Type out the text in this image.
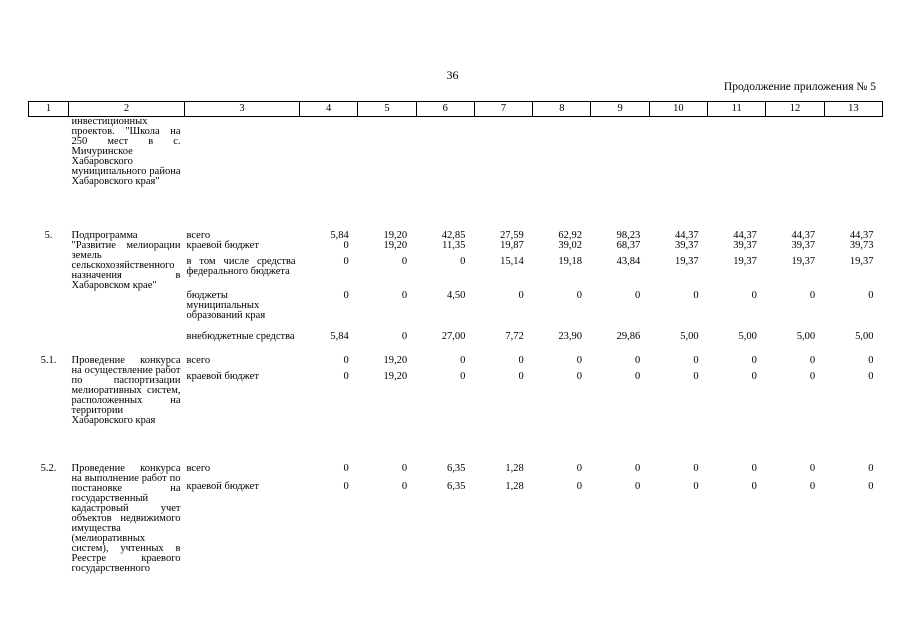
36
Продолжение приложения № 5
1	2	3	4	5	6	7	8	9	10	11	12	13
	инвестиционных проектов. "Школа на 250 мест в с. Мичуринское Хабаровского муниципального района Хабаровского края"											
5.	Подпрограмма "Развитие мелиорации земель сельскохозяйственного назначения в Хабаровском крае"	всего	5,84	19,20	42,85	27,59	62,92	98,23	44,37	44,37	44,37	44,37
		краевой бюджет	0	19,20	11,35	19,87	39,02	68,37	39,37	39,37	39,37	39,73
		в том числе средства федерального бюджета	0	0	0	15,14	19,18	43,84	19,37	19,37	19,37	19,37
		бюджеты муниципальных образований края	0	0	4,50	0	0	0	0	0	0	0
		внебюджетные средства	5,84	0	27,00	7,72	23,90	29,86	5,00	5,00	5,00	5,00
5.1.	Проведение конкурса на осуществление работ по паспортизации мелиоративных систем, расположенных на территории Хабаровского края	всего	0	19,20	0	0	0	0	0	0	0	0
		краевой бюджет	0	19,20	0	0	0	0	0	0	0	0
5.2.	Проведение конкурса на выполнение работ по постановке на государственный кадастровый учет объектов недвижимого имущества (мелиоративных систем), учтенных в Реестре краевого государственного	всего	0	0	6,35	1,28	0	0	0	0	0	0
		краевой бюджет	0	0	6,35	1,28	0	0	0	0	0	0
